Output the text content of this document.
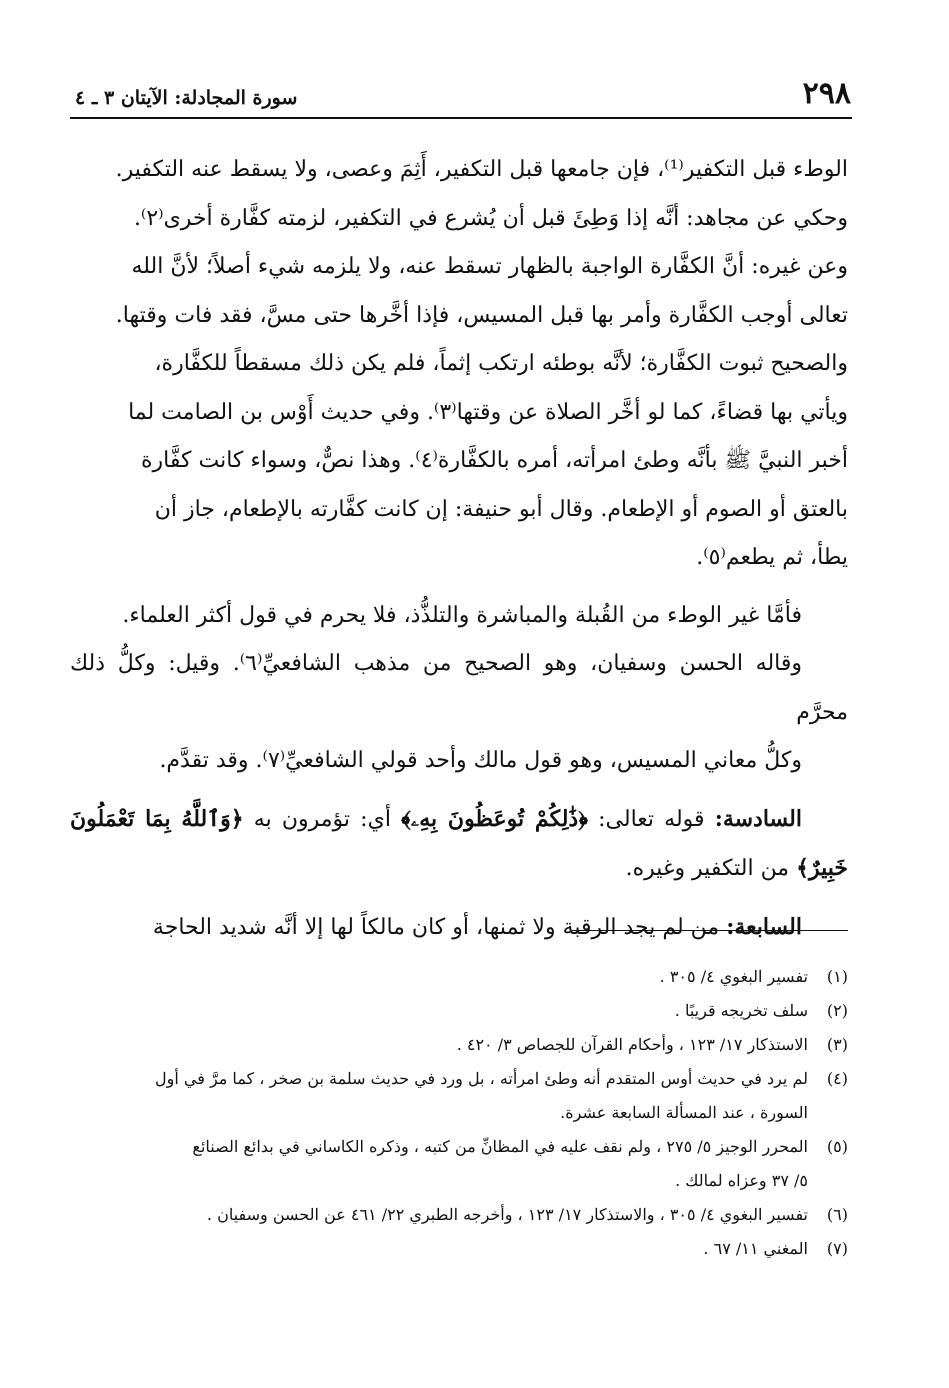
٢٩٨
سورة المجادلة: الآيتان ٣ ـ ٤

الوطء قبل التكفير⁽¹⁾، فإن جامعها قبل التكفير، أَثِمَ وعصى، ولا يسقط عنه التكفير.
وحكي عن مجاهد: أنَّه إذا وَطِئَ قبل أن يُشرع في التكفير، لزمته كفَّارة أخرى⁽٢⁾.
وعن غيره: أنَّ الكفَّارة الواجبة بالظهار تسقط عنه، ولا يلزمه شيء أصلاً؛ لأنَّ الله
تعالى أوجب الكفَّارة وأمر بها قبل المسيس، فإذا أخَّرها حتى مسَّ، فقد فات وقتها.
والصحيح ثبوت الكفَّارة؛ لأنَّه بوطئه ارتكب إثماً، فلم يكن ذلك مسقطاً للكفَّارة،
ويأتي بها قضاءً، كما لو أخَّر الصلاة عن وقتها⁽٣⁾. وفي حديث أَوْس بن الصامت لما
أخبر النبيَّ ﷺ بأنَّه وطئ امرأته، أمره بالكفَّارة⁽٤⁾. وهذا نصٌّ، وسواء كانت كفَّارة
بالعتق أو الصوم أو الإطعام. وقال أبو حنيفة: إن كانت كفَّارته بالإطعام، جاز أن
يطأ، ثم يطعم⁽٥⁾.

فأمَّا غير الوطء من القُبلة والمباشرة والتلذُّذ، فلا يحرم في قول أكثر العلماء.
وقاله الحسن وسفيان، وهو الصحيح من مذهب الشافعيِّ⁽٦⁾. وقيل: وكلُّ ذلك محرَّم
وكلُّ معاني المسيس، وهو قول مالك وأحد قولي الشافعيِّ⁽٧⁾. وقد تقدَّم.

السادسة: قوله تعالى: ﴿ذَٰلِكُمْ تُوعَظُونَ بِهِۦ﴾ أي: تؤمرون به ﴿وَٱللَّهُ بِمَا تَعْمَلُونَ خَبِيرٌ﴾ من التكفير وغيره.

السابعة: من لم يجد الرقبة ولا ثمنها، أو كان مالكاً لها إلا أنَّه شديد الحاجة

(١)
تفسير البغوي ٤/ ٣٠٥ .
(٢)
سلف تخريجه قريبًا .
(٣)
الاستذكار ١٧/ ١٢٣ ، وأحكام القرآن للجصاص ٣/ ٤٢٠ .
(٤)
لم يرد في حديث أوس المتقدم أنه وطئ امرأته ، بل ورد في حديث سلمة بن صخر ، كما مرَّ في أول
السورة ، عند المسألة السابعة عشرة.
(٥)
المحرر الوجيز ٥/ ٢٧٥ ، ولم نقف عليه في المظانِّ من كتبه ، وذكره الكاساني في بدائع الصنائع
٥/ ٣٧ وعزاه لمالك .
(٦)
تفسير البغوي ٤/ ٣٠٥ ، والاستذكار ١٧/ ١٢٣ ، وأخرجه الطبري ٢٢/ ٤٦١ عن الحسن وسفيان .
(٧)
المغني ١١/ ٦٧ .
